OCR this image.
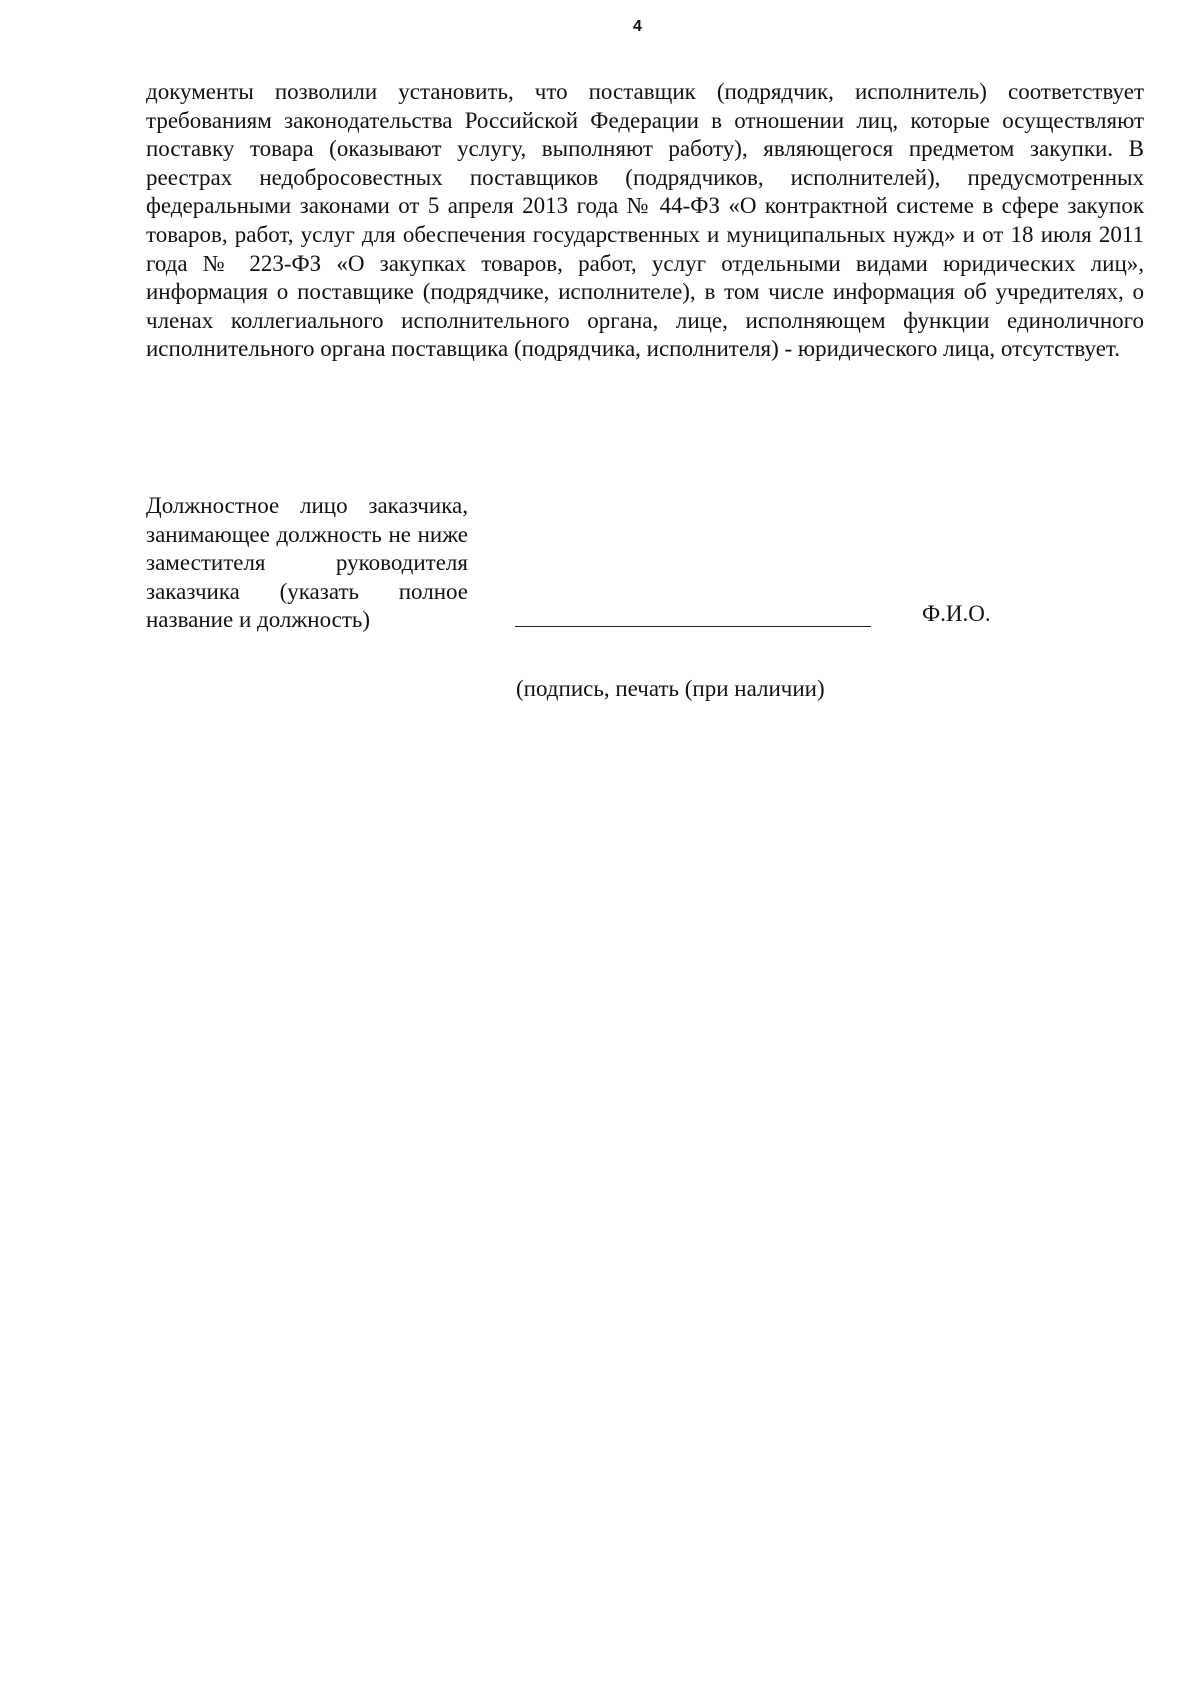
4

документы позволили установить, что поставщик (подрядчик, исполнитель) соответствует требованиям законодательства Российской Федерации в отношении лиц, которые осуществляют поставку товара (оказывают услугу, выполняют работу), являющегося предметом закупки. В реестрах недобросовестных поставщиков (подрядчиков, исполнителей), предусмотренных федеральными законами от 5 апреля 2013 года № 44-ФЗ «О контрактной системе в сфере закупок товаров, работ, услуг для обеспечения государственных и муниципальных нужд» и от 18 июля 2011 года № 223-ФЗ «О закупках товаров, работ, услуг отдельными видами юридических лиц», информация о поставщике (подрядчике, исполнителе), в том числе информация об учредителях, о членах коллегиального исполнительного органа, лице, исполняющем функции единоличного исполнительного органа поставщика (подрядчика, исполнителя) - юридического лица, отсутствует.

Должностное лицо заказчика, занимающее должность не ниже заместителя руководителя заказчика (указать полное название и должность)	Ф.И.О.
(подпись, печать (при наличии)
